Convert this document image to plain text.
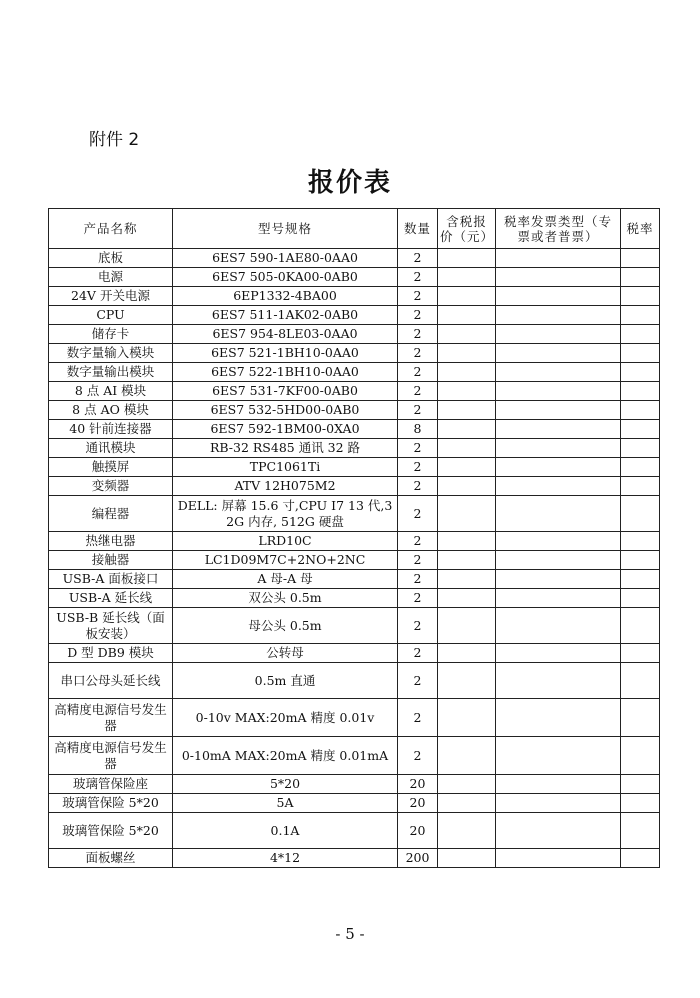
附件 2
报价表
产品名称	型号规格	数量	含税报价（元）	税率发票类型（专票或者普票）	税率
底板	6ES7 590-1AE80-0AA0	2			
电源	6ES7 505-0KA00-0AB0	2			
24V 开关电源	6EP1332-4BA00	2			
CPU	6ES7 511-1AK02-0AB0	2			
储存卡	6ES7 954-8LE03-0AA0	2			
数字量输入模块	6ES7 521-1BH10-0AA0	2			
数字量输出模块	6ES7 522-1BH10-0AA0	2			
8 点 AI 模块	6ES7 531-7KF00-0AB0	2			
8 点 AO 模块	6ES7 532-5HD00-0AB0	2			
40 针前连接器	6ES7 592-1BM00-0XA0	8			
通讯模块	RB-32 RS485 通讯 32 路	2			
触摸屏	TPC1061Ti	2			
变频器	ATV 12H075M2	2			
编程器	DELL: 屏幕 15.6 寸,CPU I7 13 代,32G 内存, 512G 硬盘	2			
热继电器	LRD10C	2			
接触器	LC1D09M7C+2NO+2NC	2			
USB-A 面板接口	A 母-A 母	2			
USB-A 延长线	双公头 0.5m	2			
USB-B 延长线（面板安装）	母公头 0.5m	2			
D 型 DB9 模块	公转母	2			
串口公母头延长线	0.5m 直通	2			
高精度电源信号发生器	0-10v MAX:20mA 精度 0.01v	2			
高精度电源信号发生器	0-10mA MAX:20mA 精度 0.01mA	2			
玻璃管保险座	5*20	20			
玻璃管保险 5*20	5A	20			
玻璃管保险 5*20	0.1A	20			
面板螺丝	4*12	200			
- 5 -
